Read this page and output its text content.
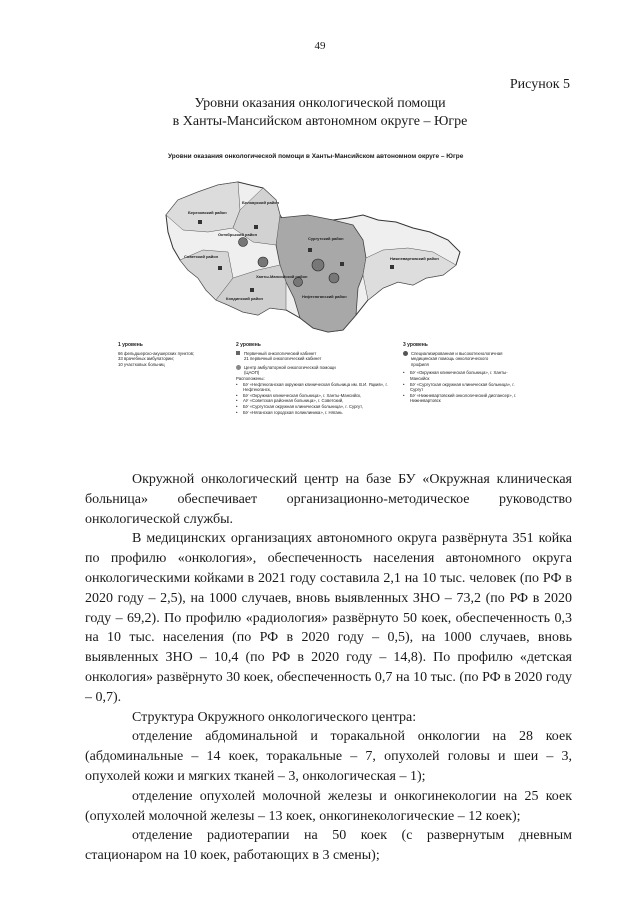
49
Рисунок 5
Уровни оказания онкологической помощи
в Ханты-Мансийском автономном округе – Югре
Уровни оказания онкологической помощи в Ханты-Мансийском автономном округе – Югре
Березовский район
Белоярский район
Советский район
Октябрьский район
Сургутский район
Нижневартовский район
Кондинский район
Ханты-Мансийский район
Нефтеюганский район
1 уровень
66 фельдшерско-акушерских пунктов;
33 врачебных амбулатории;
10 участковых больниц
2 уровень
Первичный онкологический кабинет
21 первичный онкологический кабинет
Центр амбулаторной онкологической помощи
(ЦАОП)
Расположены:
• БУ «Нефтеюганская окружная клиническая больница им. В.И. Яцкив», г. Нефтеюганск,
• БУ «Окружная клиническая больница», г. Ханты-Мансийск,
• АУ «Советская районная больница», г. Советский,
• БУ «Сургутская окружная клиническая больница», г. Сургут,
• БУ «Няганская городская поликлиника», г. Нягань
3 уровень
Специализированная и высокотехнологичная
медицинская помощь онкологического
профиля
• БУ «Окружная клиническая больница», г. Ханты-Мансийск
• БУ «Сургутская окружная клиническая больница», г. Сургут
• БУ «Нижневартовский онкологический диспансер», г. Нижневартовск

Окружной онкологический центр на базе БУ «Окружная клиническая больница» обеспечивает организационно-методическое руководство онкологической службы.

В медицинских организациях автономного округа развёрнута 351 койка по профилю «онкология», обеспеченность населения автономного округа онкологическими койками в 2021 году составила 2,1 на 10 тыс. человек (по РФ в 2020 году – 2,5), на 1000 случаев, вновь выявленных ЗНО – 73,2 (по РФ в 2020 году – 69,2). По профилю «радиология» развёрнуто 50 коек, обеспеченность 0,3 на 10 тыс. населения (по РФ в 2020 году – 0,5), на 1000 случаев, вновь выявленных ЗНО – 10,4 (по РФ в 2020 году – 14,8). По профилю «детская онкология» развёрнуто 30 коек, обеспеченность 0,7 на 10 тыс. (по РФ в 2020 году – 0,7).

Структура Окружного онкологического центра:

отделение абдоминальной и торакальной онкологии на 28 коек (абдоминальные – 14 коек, торакальные – 7, опухолей головы и шеи – 3, опухолей кожи и мягких тканей – 3, онкологическая – 1);

отделение опухолей молочной железы и онкогинекологии на 25 коек (опухолей молочной железы – 13 коек, онкогинекологические – 12 коек);

отделение радиотерапии на 50 коек (с развернутым дневным стационаром на 10 коек, работающих в 3 смены);
